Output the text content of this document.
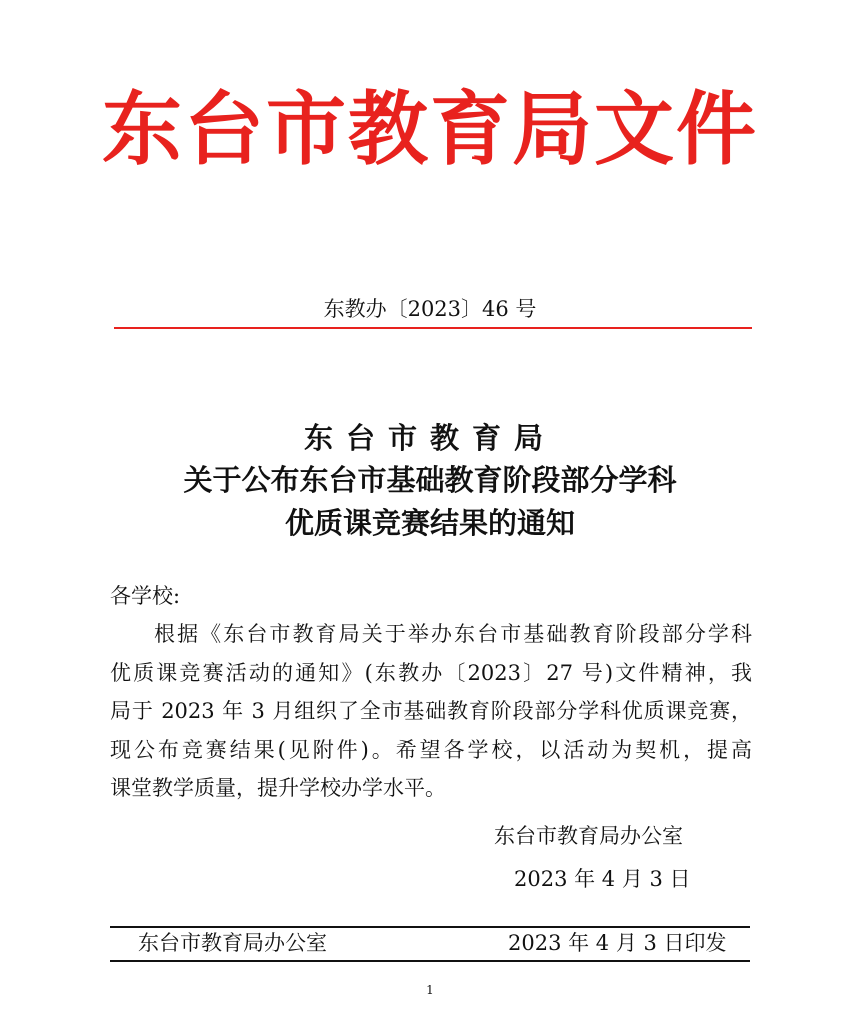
东台市教育局文件
东教办〔2023〕46 号
东台市教育局
关于公布东台市基础教育阶段部分学科
优质课竞赛结果的通知
各学校:
根据《东台市教育局关于举办东台市基础教育阶段部分学科
优质课竞赛活动的通知》(东教办〔2023〕27 号)文件精神，我
局于 2023 年 3 月组织了全市基础教育阶段部分学科优质课竞赛，
现公布竞赛结果(见附件)。希望各学校，以活动为契机，提高
课堂教学质量，提升学校办学水平。
东台市教育局办公室
2023 年 4 月 3 日
东台市教育局办公室	2023 年 4 月 3 日印发
1
